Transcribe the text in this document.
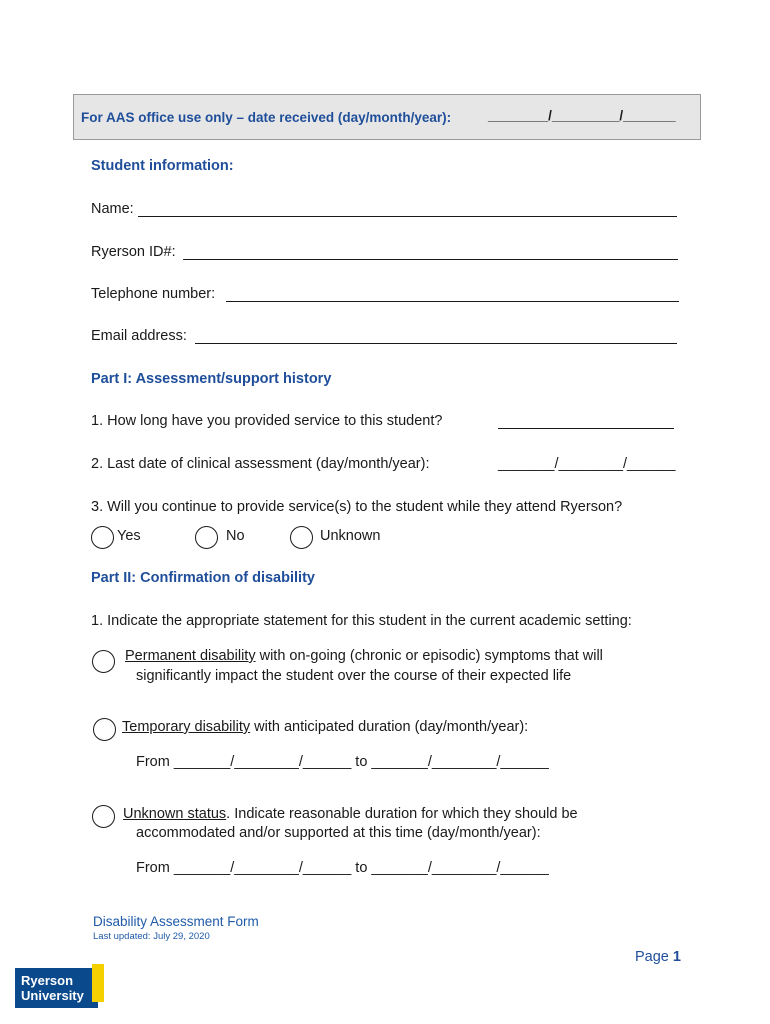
For AAS office use only – date received (day/month/year):	________/_________/_______
Student information:
Name:
Ryerson ID#:
Telephone number:
Email address:
Part I: Assessment/support history
1. How long have you provided service to this student?
2. Last date of clinical assessment (day/month/year):	_______/________/______
3. Will you continue to provide service(s) to the student while they attend Ryerson?
Yes	No	Unknown
Part II: Confirmation of disability
1. Indicate the appropriate statement for this student in the current academic setting:
Permanent disability with on-going (chronic or episodic) symptoms that will
significantly impact the student over the course of their expected life
Temporary disability with anticipated duration (day/month/year):
From _______/________/______ to _______/________/______
Unknown status. Indicate reasonable duration for which they should be
accommodated and/or supported at this time (day/month/year):
From _______/________/______ to _______/________/______
Disability Assessment Form
Last updated: July 29, 2020
Page 1
Ryerson
University
